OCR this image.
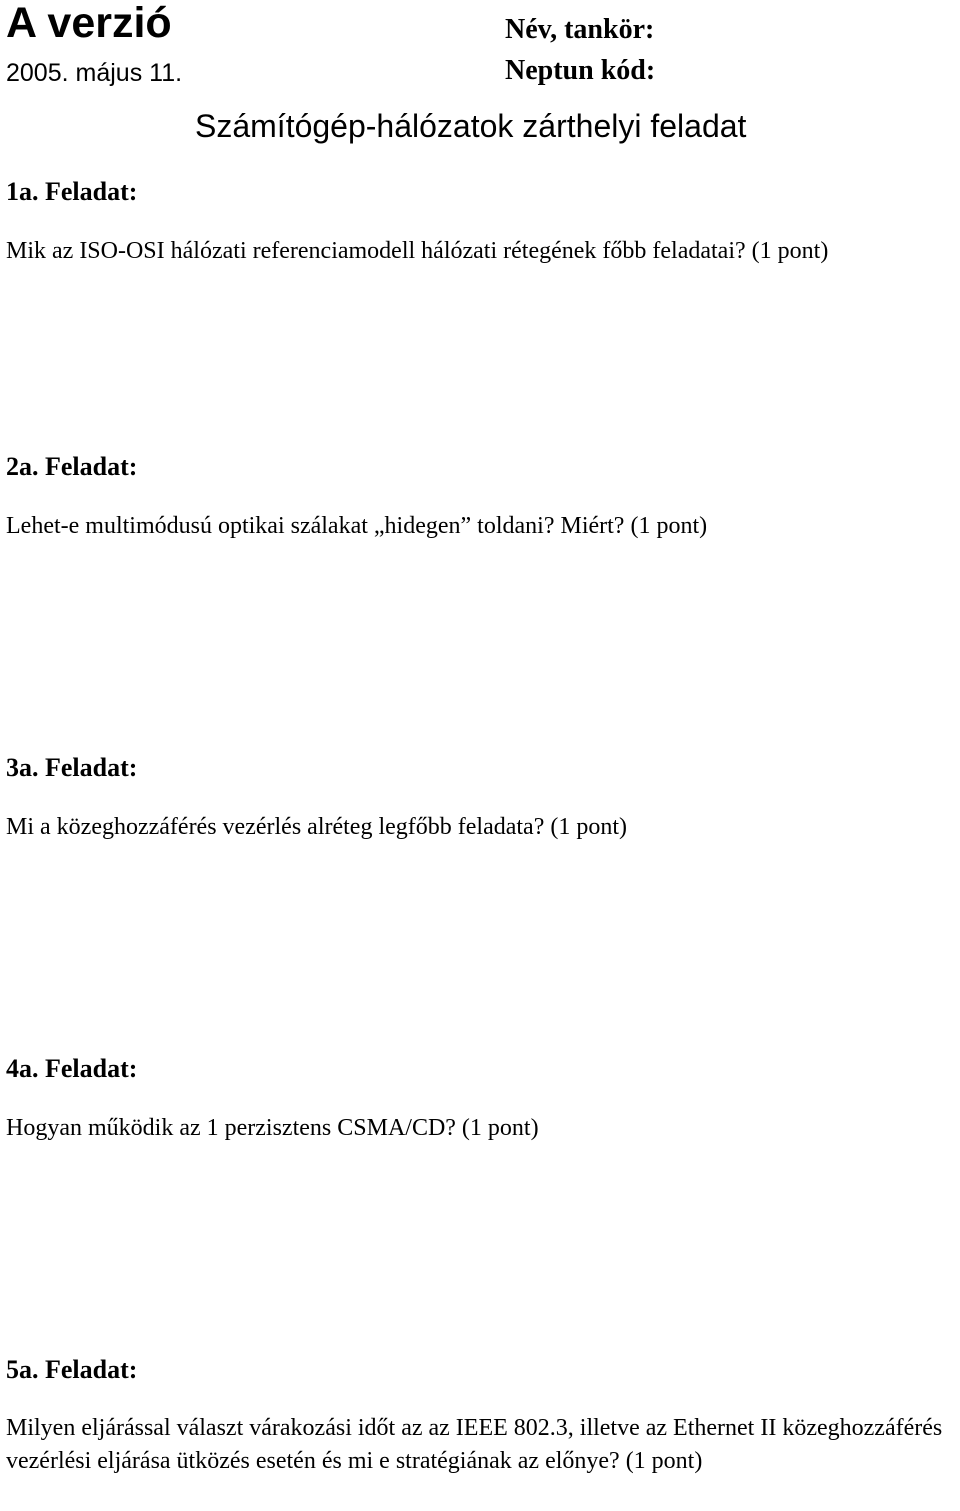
A verzió
2005. május 11.
Név, tankör:
Neptun kód:
Számítógép-hálózatok zárthelyi feladat
1a. Feladat:
Mik az ISO-OSI hálózati referenciamodell hálózati rétegének főbb feladatai? (1 pont)
2a. Feladat:
Lehet-e multimódusú optikai szálakat „hidegen” toldani? Miért? (1 pont)
3a. Feladat:
Mi a közeghozzáférés vezérlés alréteg legfőbb feladata? (1 pont)
4a. Feladat:
Hogyan működik az 1 perzisztens CSMA/CD? (1 pont)
5a. Feladat:
Milyen eljárással választ várakozási időt az az IEEE 802.3, illetve az Ethernet II közeghozzáférés vezérlési eljárása ütközés esetén és mi e stratégiának az előnye? (1 pont)
